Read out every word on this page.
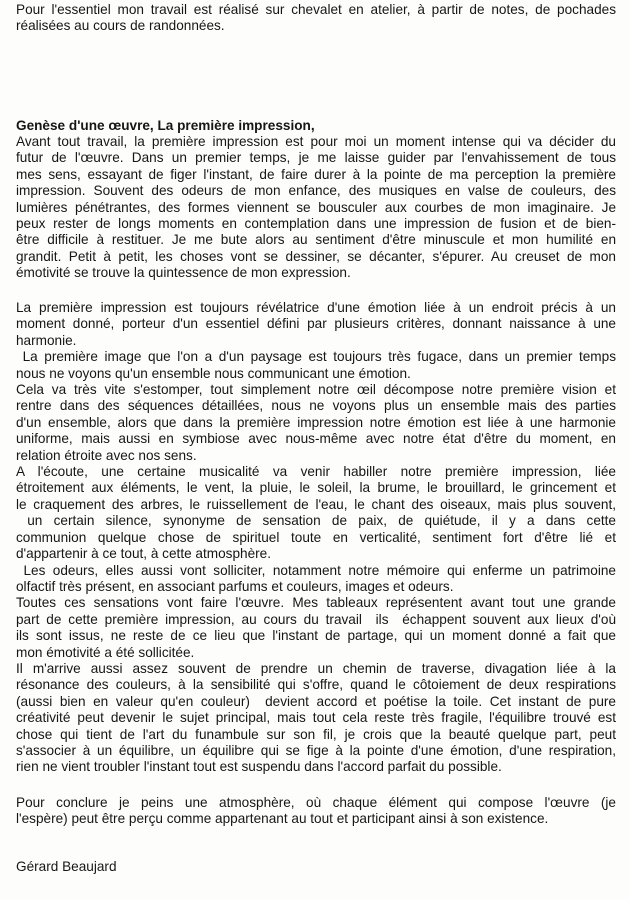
Pour l'essentiel mon travail est réalisé sur chevalet en atelier, à partir de notes, de pochades
réalisées au cours de randonnées.
Genèse d'une œuvre, La première impression,
Avant tout travail, la première impression est pour moi un moment intense qui va décider du
futur de l'œuvre. Dans un premier temps, je me laisse guider par l'envahissement de tous
mes sens, essayant de figer l'instant, de faire durer à la pointe de ma perception la première
impression. Souvent des odeurs de mon enfance, des musiques en valse de couleurs, des
lumières pénétrantes, des formes viennent se bousculer aux courbes de mon imaginaire. Je
peux rester de longs moments en contemplation dans une impression de fusion et de bien-
être difficile à restituer. Je me bute alors au sentiment d'être minuscule et mon humilité en
grandit. Petit à petit, les choses vont se dessiner, se décanter, s'épurer. Au creuset de mon
émotivité se trouve la quintessence de mon expression.
La première impression est toujours révélatrice d'une émotion liée à un endroit précis à un
moment donné, porteur d'un essentiel défini par plusieurs critères, donnant naissance à une
harmonie.
La première image que l'on a d'un paysage est toujours très fugace, dans un premier temps
nous ne voyons qu'un ensemble nous communicant une émotion.
Cela va très vite s'estomper, tout simplement notre œil décompose notre première vision et
rentre dans des séquences détaillées, nous ne voyons plus un ensemble mais des parties
d'un ensemble, alors que dans la première impression notre émotion est liée à une harmonie
uniforme, mais aussi en symbiose avec nous-même avec notre état d'être du moment, en
relation étroite avec nos sens.
A l'écoute, une certaine musicalité va venir habiller notre première impression, liée
étroitement aux éléments, le vent, la pluie, le soleil, la brume, le brouillard, le grincement et
le craquement des arbres, le ruissellement de l'eau, le chant des oiseaux, mais plus souvent,
un certain silence, synonyme de sensation de paix, de quiétude, il y a dans cette
communion quelque chose de spirituel toute en verticalité, sentiment fort d'être lié et
d'appartenir à ce tout, à cette atmosphère.
Les odeurs, elles aussi vont solliciter, notamment notre mémoire qui enferme un patrimoine
olfactif très présent, en associant parfums et couleurs, images et odeurs.
Toutes ces sensations vont faire l'œuvre. Mes tableaux représentent avant tout une grande
part de cette première impression, au cours du travail  ils  échappent souvent aux lieux d'où
ils sont issus, ne reste de ce lieu que l'instant de partage, qui un moment donné a fait que
mon émotivité a été sollicitée.
Il m'arrive aussi assez souvent de prendre un chemin de traverse, divagation liée à la
résonance des couleurs, à la sensibilité qui s'offre, quand le côtoiement de deux respirations
(aussi bien en valeur qu'en couleur)  devient accord et poétise la toile. Cet instant de pure
créativité peut devenir le sujet principal, mais tout cela reste très fragile, l'équilibre trouvé est
chose qui tient de l'art du funambule sur son fil, je crois que la beauté quelque part, peut
s'associer à un équilibre, un équilibre qui se fige à la pointe d'une émotion, d'une respiration,
rien ne vient troubler l'instant tout est suspendu dans l'accord parfait du possible.
Pour conclure je peins une atmosphère, où chaque élément qui compose l'œuvre (je
l'espère) peut être perçu comme appartenant au tout et participant ainsi à son existence.
Gérard Beaujard
